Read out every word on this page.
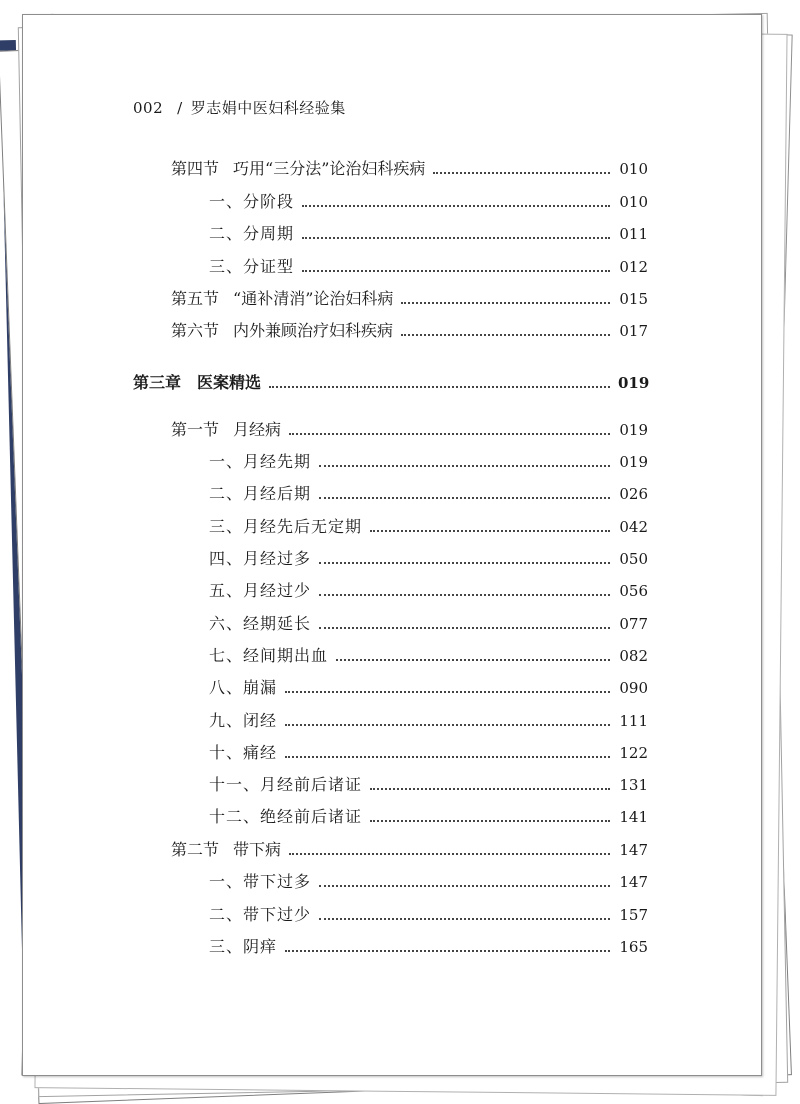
002 / 罗志娟中医妇科经验集
第四节 巧用“三分法”论治妇科疾病	010
一、分阶段	010
二、分周期	011
三、分证型	012
第五节 “通补清消”论治妇科病	015
第六节 内外兼顾治疗妇科疾病	017
第三章 医案精选	019
第一节 月经病	019
一、月经先期	019
二、月经后期	026
三、月经先后无定期	042
四、月经过多	050
五、月经过少	056
六、经期延长	077
七、经间期出血	082
八、崩漏	090
九、闭经	111
十、痛经	122
十一、月经前后诸证	131
十二、绝经前后诸证	141
第二节 带下病	147
一、带下过多	147
二、带下过少	157
三、阴痒	165
